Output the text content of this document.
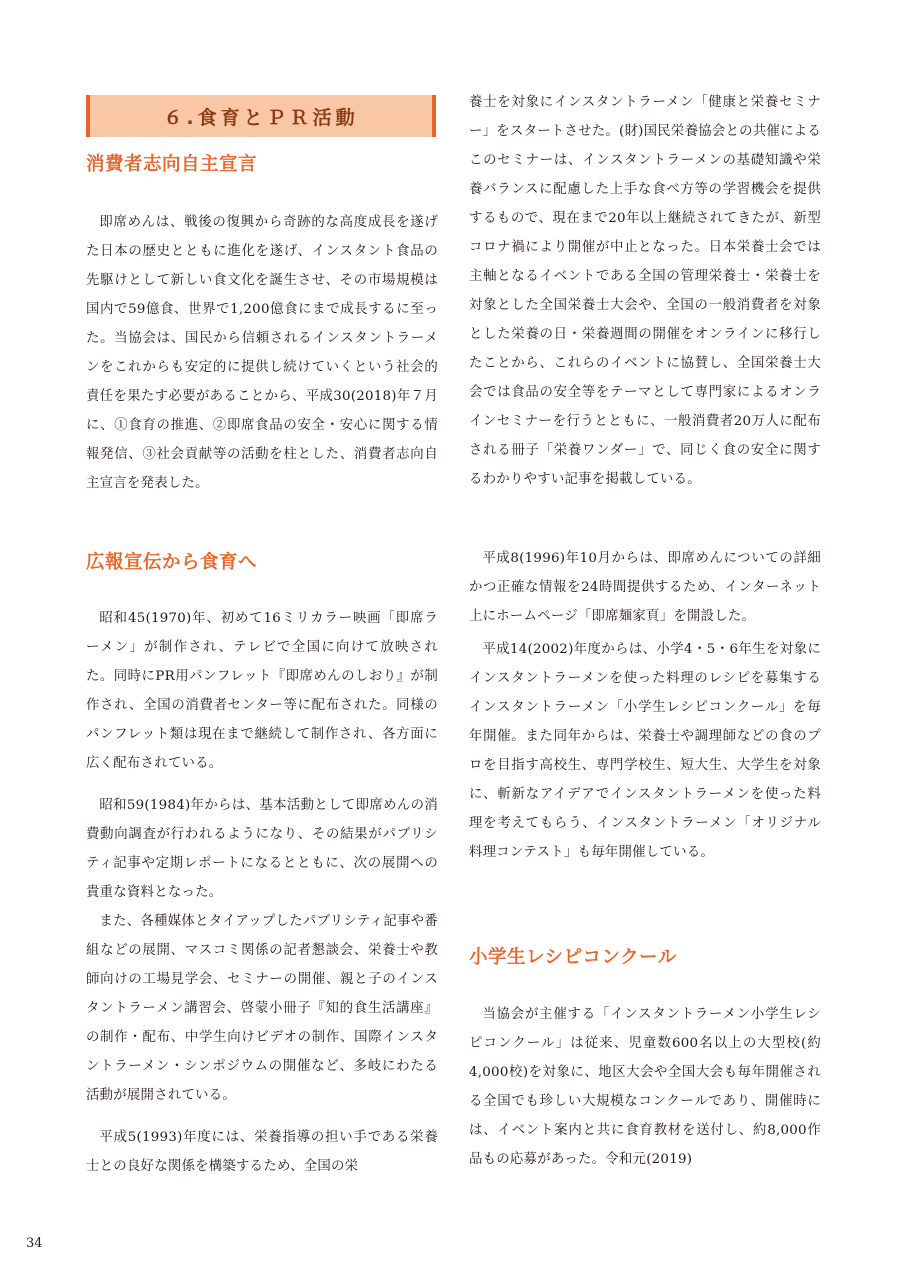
６.食育とＰＲ活動
消費者志向自主宣言

即席めんは、戦後の復興から奇跡的な高度成長を遂げた日本の歴史とともに進化を遂げ、インスタント食品の先駆けとして新しい食文化を誕生させ、その市場規模は国内で59億食、世界で1,200億食にまで成長するに至った。当協会は、国民から信頼されるインスタントラーメンをこれからも安定的に提供し続けていくという社会的責任を果たす必要があることから、平成30(2018)年７月に、①食育の推進、②即席食品の安全・安心に関する情報発信、③社会貢献等の活動を柱とした、消費者志向自主宣言を発表した。

広報宣伝から食育へ

昭和45(1970)年、初めて16ミリカラー映画「即席ラーメン」が制作され、テレビで全国に向けて放映された。同時にPR用パンフレット『即席めんのしおり』が制作され、全国の消費者センター等に配布された。同様のパンフレット類は現在まで継続して制作され、各方面に広く配布されている。

昭和59(1984)年からは、基本活動として即席めんの消費動向調査が行われるようになり、その結果がパブリシティ記事や定期レポートになるとともに、次の展開への貴重な資料となった。

また、各種媒体とタイアップしたパブリシティ記事や番組などの展開、マスコミ関係の記者懇談会、栄養士や教師向けの工場見学会、セミナーの開催、親と子のインスタントラーメン講習会、啓蒙小冊子『知的食生活講座』の制作・配布、中学生向けビデオの制作、国際インスタントラーメン・シンポジウムの開催など、多岐にわたる活動が展開されている。

平成5(1993)年度には、栄養指導の担い手である栄養士との良好な関係を構築するため、全国の栄

養士を対象にインスタントラーメン「健康と栄養セミナー」をスタートさせた。(財)国民栄養協会との共催によるこのセミナーは、インスタントラーメンの基礎知識や栄養バランスに配慮した上手な食べ方等の学習機会を提供するもので、現在まで20年以上継続されてきたが、新型コロナ禍により開催が中止となった。日本栄養士会では主軸となるイベントである全国の管理栄養士・栄養士を対象とした全国栄養士大会や、全国の一般消費者を対象とした栄養の日・栄養週間の開催をオンラインに移行したことから、これらのイベントに協賛し、全国栄養士大会では食品の安全等をテーマとして専門家によるオンラインセミナーを行うとともに、一般消費者20万人に配布される冊子「栄養ワンダー」で、同じく食の安全に関するわかりやすい記事を掲載している。

平成8(1996)年10月からは、即席めんについての詳細かつ正確な情報を24時間提供するため、インターネット上にホームページ「即席麺家頁」を開設した。

平成14(2002)年度からは、小学4・5・6年生を対象にインスタントラーメンを使った料理のレシピを募集するインスタントラーメン「小学生レシピコンクール」を毎年開催。また同年からは、栄養士や調理師などの食のプロを目指す高校生、専門学校生、短大生、大学生を対象に、斬新なアイデアでインスタントラーメンを使った料理を考えてもらう、インスタントラーメン「オリジナル料理コンテスト」も毎年開催している。

小学生レシピコンクール

当協会が主催する「インスタントラーメン小学生レシピコンクール」は従来、児童数600名以上の大型校(約4,000校)を対象に、地区大会や全国大会も毎年開催される全国でも珍しい大規模なコンクールであり、開催時には、イベント案内と共に食育教材を送付し、約8,000作品もの応募があった。令和元(2019)

34
